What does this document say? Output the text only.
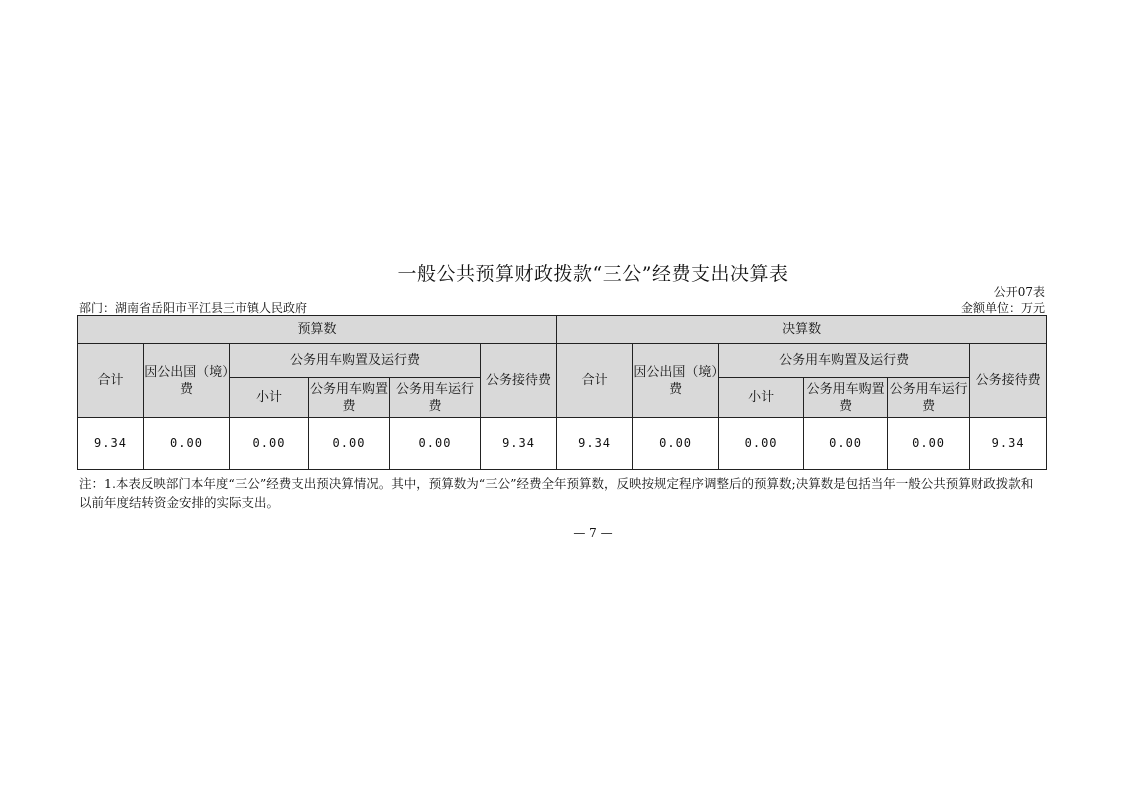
一般公共预算财政拨款“三公”经费支出决算表
公开07表
部门：湖南省岳阳市平江县三市镇人民政府	金额单位：万元
预算数						决算数					
合计	因公出国（境）费	公务用车购置及运行费			公务接待费	合计	因公出国（境）费	公务用车购置及运行费			公务接待费
		小计	公务用车购置费	公务用车运行费				小计	公务用车购置费	公务用车运行费	
9.34	0.00	0.00	0.00	0.00	9.34	9.34	0.00	0.00	0.00	0.00	9.34
注：1.本表反映部门本年度“三公”经费支出预决算情况。其中，预算数为“三公”经费全年预算数，反映按规定程序调整后的预算数;决算数是包括当年一般公共预算财政拨款和以前年度结转资金安排的实际支出。
— 7 —
